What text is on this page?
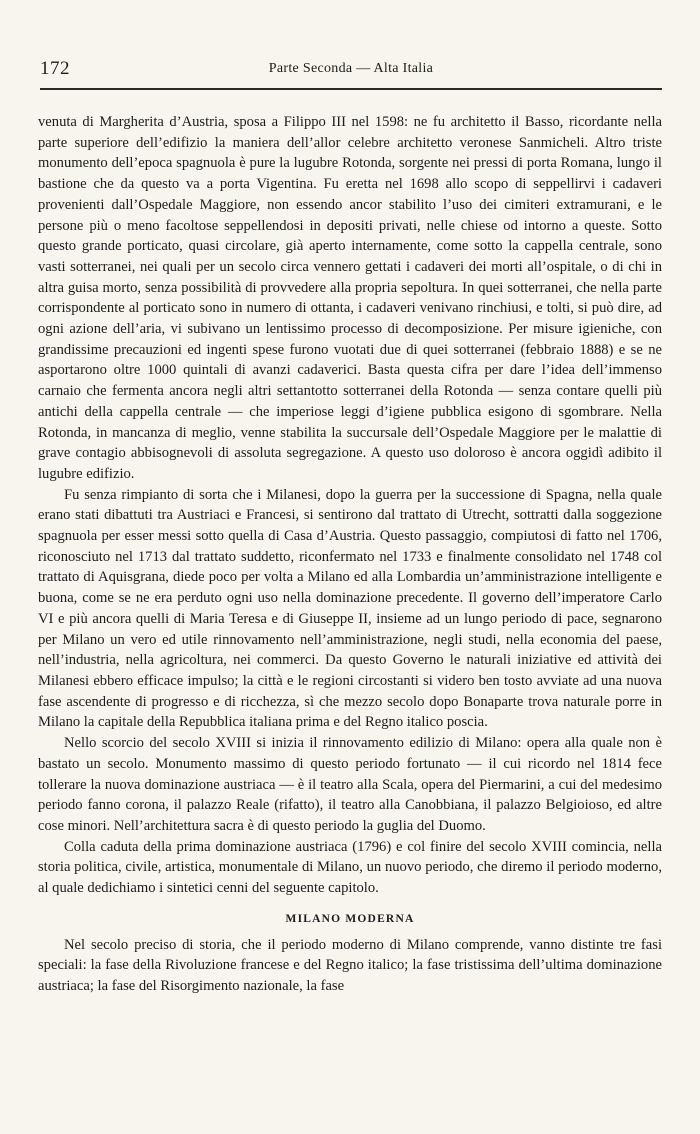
172	Parte Seconda — Alta Italia

venuta di Margherita d’Austria, sposa a Filippo III nel 1598: ne fu architetto il Basso, ricordante nella parte superiore dell’edifizio la maniera dell’allor celebre architetto veronese Sanmicheli. Altro triste monumento dell’epoca spagnuola è pure la lugubre Rotonda, sorgente nei pressi di porta Romana, lungo il bastione che da questo va a porta Vigentina. Fu eretta nel 1698 allo scopo di seppellirvi i cadaveri provenienti dall’Ospedale Maggiore, non essendo ancor stabilito l’uso dei cimiteri extramurani, e le persone più o meno facoltose seppellendosi in depositi privati, nelle chiese od intorno a queste. Sotto questo grande porticato, quasi circolare, già aperto internamente, come sotto la cappella centrale, sono vasti sotterranei, nei quali per un secolo circa vennero gettati i cadaveri dei morti all’ospitale, o di chi in altra guisa morto, senza possibilità di provvedere alla propria sepoltura. In quei sotterranei, che nella parte corrispondente al porticato sono in numero di ottanta, i cadaveri venivano rinchiusi, e tolti, si può dire, ad ogni azione dell’aria, vi subivano un lentissimo processo di decomposizione. Per misure igieniche, con grandissime precauzioni ed ingenti spese furono vuotati due di quei sotterranei (febbraio 1888) e se ne asportarono oltre 1000 quintali di avanzi cadaverici. Basta questa cifra per dare l’idea dell’immenso carnaio che fermenta ancora negli altri settantotto sotterranei della Rotonda — senza contare quelli più antichi della cappella centrale — che imperiose leggi d’igiene pubblica esigono di sgombrare. Nella Rotonda, in mancanza di meglio, venne stabilita la succursale dell’Ospedale Maggiore per le malattie di grave contagio abbisognevoli di assoluta segregazione. A questo uso doloroso è ancora oggidì adibito il lugubre edifizio.

Fu senza rimpianto di sorta che i Milanesi, dopo la guerra per la successione di Spagna, nella quale erano stati dibattuti tra Austriaci e Francesi, si sentirono dal trattato di Utrecht, sottratti dalla soggezione spagnuola per esser messi sotto quella di Casa d’Austria. Questo passaggio, compiutosi di fatto nel 1706, riconosciuto nel 1713 dal trattato suddetto, riconfermato nel 1733 e finalmente consolidato nel 1748 col trattato di Aquisgrana, diede poco per volta a Milano ed alla Lombardia un’amministrazione intelligente e buona, come se ne era perduto ogni uso nella dominazione precedente. Il governo dell’imperatore Carlo VI e più ancora quelli di Maria Teresa e di Giuseppe II, insieme ad un lungo periodo di pace, segnarono per Milano un vero ed utile rinnovamento nell’amministrazione, negli studi, nella economia del paese, nell’industria, nella agricoltura, nei commerci. Da questo Governo le naturali iniziative ed attività dei Milanesi ebbero efficace impulso; la città e le regioni circostanti si videro ben tosto avviate ad una nuova fase ascendente di progresso e di ricchezza, sì che mezzo secolo dopo Bonaparte trova naturale porre in Milano la capitale della Repubblica italiana prima e del Regno italico poscia.

Nello scorcio del secolo XVIII si inizia il rinnovamento edilizio di Milano: opera alla quale non è bastato un secolo. Monumento massimo di questo periodo fortunato — il cui ricordo nel 1814 fece tollerare la nuova dominazione austriaca — è il teatro alla Scala, opera del Piermarini, a cui del medesimo periodo fanno corona, il palazzo Reale (rifatto), il teatro alla Canobbiana, il palazzo Belgioioso, ed altre cose minori. Nell’architettura sacra è di questo periodo la guglia del Duomo.

Colla caduta della prima dominazione austriaca (1796) e col finire del secolo XVIII comincia, nella storia politica, civile, artistica, monumentale di Milano, un nuovo periodo, che diremo il periodo moderno, al quale dedichiamo i sintetici cenni del seguente capitolo.

MILANO MODERNA

Nel secolo preciso di storia, che il periodo moderno di Milano comprende, vanno distinte tre fasi speciali: la fase della Rivoluzione francese e del Regno italico; la fase tristissima dell’ultima dominazione austriaca; la fase del Risorgimento nazionale, la fase
